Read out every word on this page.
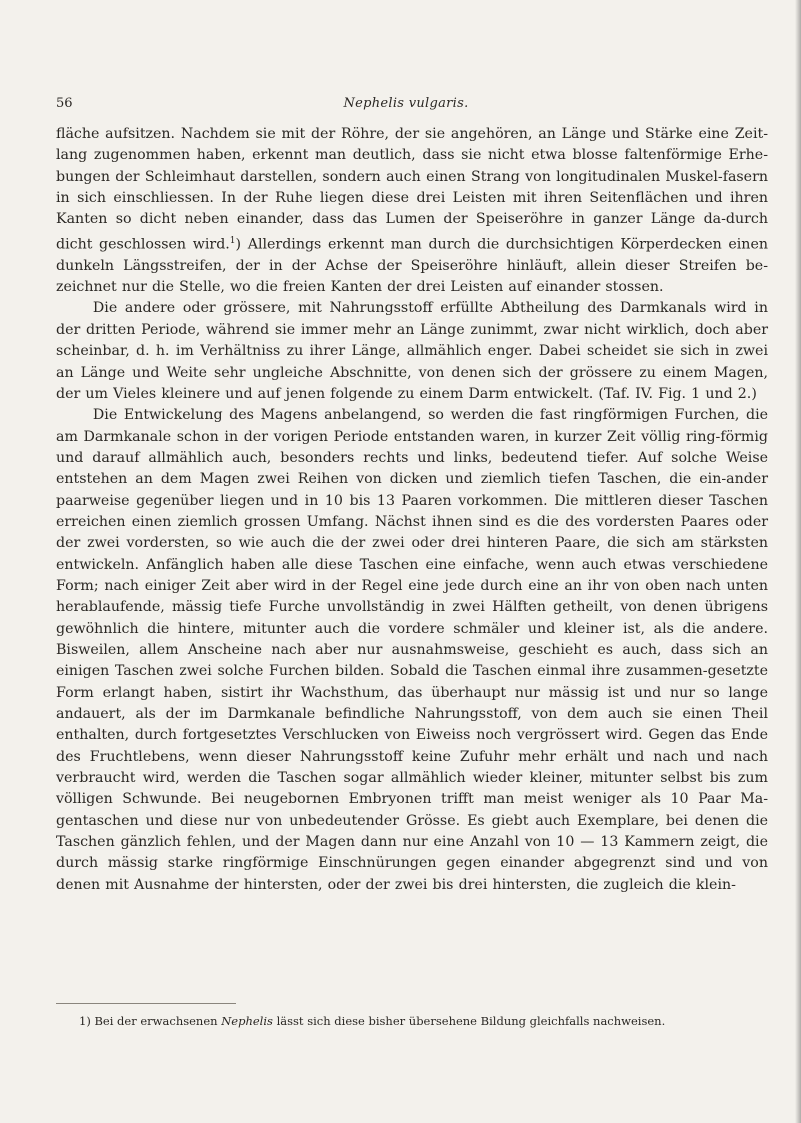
56	Nephelis vulgaris.

fläche aufsitzen. Nachdem sie mit der Röhre, der sie angehören, an Länge und Stärke eine Zeit-lang zugenommen haben, erkennt man deutlich, dass sie nicht etwa blosse faltenförmige Erhe-bungen der Schleimhaut darstellen, sondern auch einen Strang von longitudinalen Muskel-fasern in sich einschliessen. In der Ruhe liegen diese drei Leisten mit ihren Seitenflächen und ihren Kanten so dicht neben einander, dass das Lumen der Speiseröhre in ganzer Länge da-durch dicht geschlossen wird.$^1$) Allerdings erkennt man durch die durchsichtigen Körperdecken einen dunkeln Längsstreifen, der in der Achse der Speiseröhre hinläuft, allein dieser Streifen be-zeichnet nur die Stelle, wo die freien Kanten der drei Leisten auf einander stossen.

Die andere oder grössere, mit Nahrungsstoff erfüllte Abtheilung des Darmkanals wird in der dritten Periode, während sie immer mehr an Länge zunimmt, zwar nicht wirklich, doch aber scheinbar, d. h. im Verhältniss zu ihrer Länge, allmählich enger. Dabei scheidet sie sich in zwei an Länge und Weite sehr ungleiche Abschnitte, von denen sich der grössere zu einem Magen, der um Vieles kleinere und auf jenen folgende zu einem Darm entwickelt. (Taf. IV. Fig. 1 und 2.)

Die Entwickelung des Magens anbelangend, so werden die fast ringförmigen Furchen, die am Darmkanale schon in der vorigen Periode entstanden waren, in kurzer Zeit völlig ring-förmig und darauf allmählich auch, besonders rechts und links, bedeutend tiefer. Auf solche Weise entstehen an dem Magen zwei Reihen von dicken und ziemlich tiefen Taschen, die ein-ander paarweise gegenüber liegen und in 10 bis 13 Paaren vorkommen. Die mittleren dieser Taschen erreichen einen ziemlich grossen Umfang. Nächst ihnen sind es die des vordersten Paares oder der zwei vordersten, so wie auch die der zwei oder drei hinteren Paare, die sich am stärksten entwickeln. Anfänglich haben alle diese Taschen eine einfache, wenn auch etwas verschiedene Form; nach einiger Zeit aber wird in der Regel eine jede durch eine an ihr von oben nach unten herablaufende, mässig tiefe Furche unvollständig in zwei Hälften getheilt, von denen übrigens gewöhnlich die hintere, mitunter auch die vordere schmäler und kleiner ist, als die andere. Bisweilen, allem Anscheine nach aber nur ausnahmsweise, geschieht es auch, dass sich an einigen Taschen zwei solche Furchen bilden. Sobald die Taschen einmal ihre zusammen-gesetzte Form erlangt haben, sistirt ihr Wachsthum, das überhaupt nur mässig ist und nur so lange andauert, als der im Darmkanale befindliche Nahrungsstoff, von dem auch sie einen Theil enthalten, durch fortgesetztes Verschlucken von Eiweiss noch vergrössert wird. Gegen das Ende des Fruchtlebens, wenn dieser Nahrungsstoff keine Zufuhr mehr erhält und nach und nach verbraucht wird, werden die Taschen sogar allmählich wieder kleiner, mitunter selbst bis zum völligen Schwunde. Bei neugebornen Embryonen trifft man meist weniger als 10 Paar Ma-gentaschen und diese nur von unbedeutender Grösse. Es giebt auch Exemplare, bei denen die Taschen gänzlich fehlen, und der Magen dann nur eine Anzahl von 10 — 13 Kammern zeigt, die durch mässig starke ringförmige Einschnürungen gegen einander abgegrenzt sind und von denen mit Ausnahme der hintersten, oder der zwei bis drei hintersten, die zugleich die klein-

1) Bei der erwachsenen Nephelis lässt sich diese bisher übersehene Bildung gleichfalls nachweisen.
